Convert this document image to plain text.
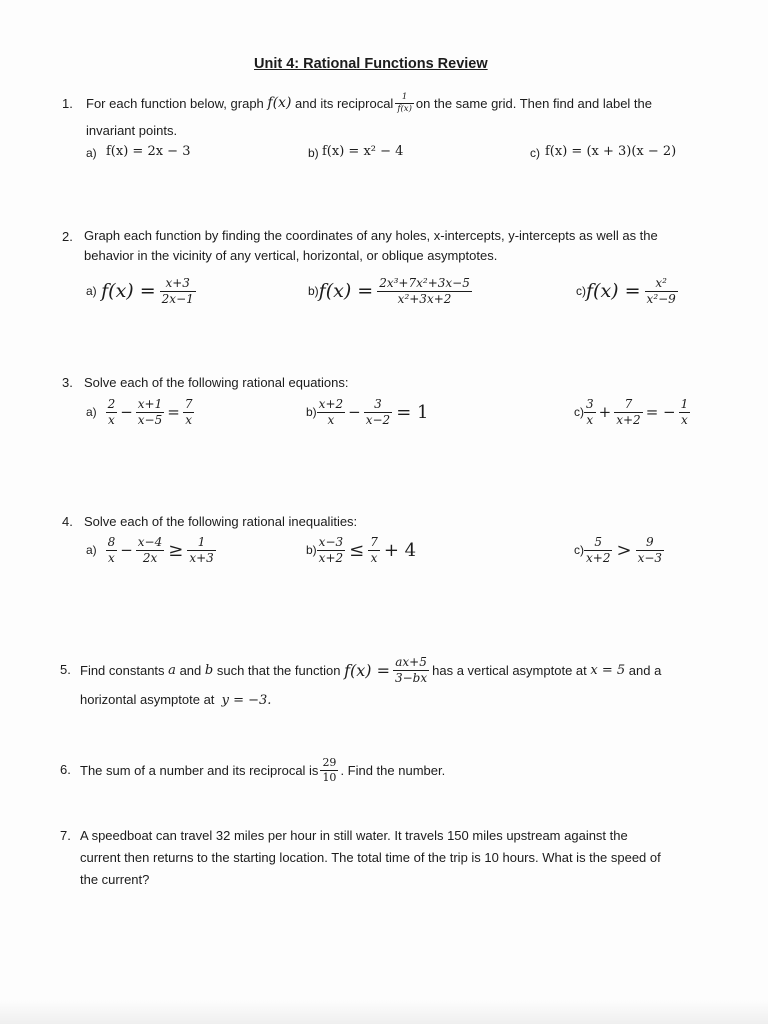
Unit 4: Rational Functions Review
1. For each function below, graph
f(x)
and its reciprocal $\frac{1}{f(x)}$ on the same grid. Then find and label the
invariant points.
a) f(x) = 2x − 3	b) f(x) = x² − 4	c) f(x) = (x + 3)(x − 2)
2. Graph each function by finding the coordinates of any holes, x-intercepts, y-intercepts as well as the
behavior in the vicinity of any vertical, horizontal, or oblique asymptotes.
a)
$f(x) = \frac{x+3}{2x-1}$	b) $f(x) = \frac{\text{2x³+7x²+3x−5}}{\text{x²+3x+2}}$	c) $f(x) = \frac{\text{x²}}{\text{x²−9}}$
3. Solve each of the following rational equations:
a)
$\frac{2}{x} - \frac{x+1}{x-5} = \frac{7}{x}$	$b) \frac{x+2}{x} - \frac{3}{x-2} = 1$	$c) \frac{3}{x} + \frac{7}{x+2}$ = − $\frac{1}{x}$
4. Solve each of the following rational inequalities:
a)
$\frac{8}{x} - \frac{x-4}{2x} \ge \frac{1}{x+3}$	$b) \frac{x-3}{x+2} \le \frac{7}{x} + 4$	$c) \frac{5}{x+2} > \frac{9}{x-3}$
5. Find constants
a
and
b
such that the function
$f(x) = \frac{ax+5}{3-bx}$ has a vertical asymptote at
x = 5
and a
horizontal asymptote at y = −3.
6. The sum of a number and its reciprocal is $\frac{29}{10}$ . Find the number.
7. A speedboat can travel 32 miles per hour in still water. It travels 150 miles upstream against the
current then returns to the starting location. The total time of the trip is 10 hours. What is the speed of
the current?
